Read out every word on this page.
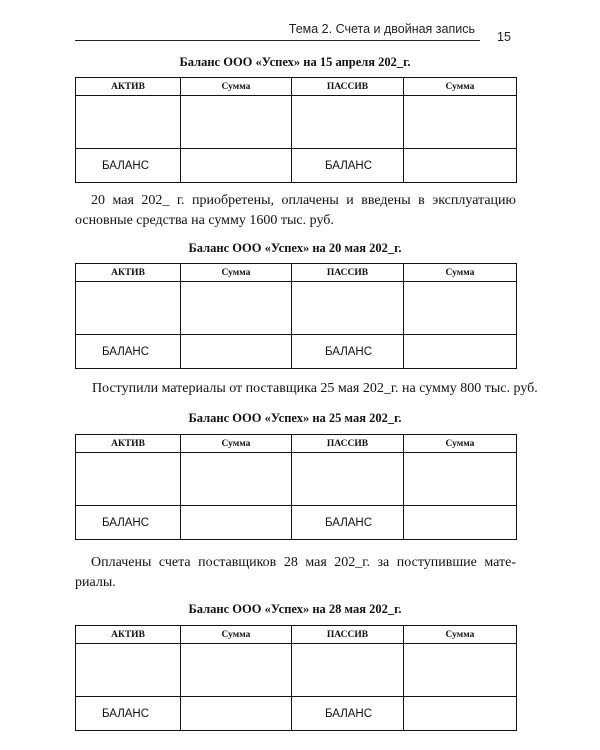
Тема 2. Счета и двойная запись
15
Баланс ООО «Успех» на 15 апреля 202_г.
АКТИВ	Сумма	ПАССИВ	Сумма

БАЛАНС		БАЛАНС	
20 мая 202_ г. приобретены, оплачены и введены в эксплуатацию
основные средства на сумму 1600 тыс. руб.
Баланс ООО «Успех» на 20 мая 202_г.
АКТИВ	Сумма	ПАССИВ	Сумма

БАЛАНС		БАЛАНС	
Поступили материалы от поставщика 25 мая 202_г. на сумму 800 тыс. руб.
Баланс ООО «Успех» на 25 мая 202_г.
АКТИВ	Сумма	ПАССИВ	Сумма

БАЛАНС		БАЛАНС	
Оплачены счета поставщиков 28 мая 202_г. за поступившие мате-
риалы.
Баланс ООО «Успех» на 28 мая 202_г.
АКТИВ	Сумма	ПАССИВ	Сумма

БАЛАНС		БАЛАНС	
